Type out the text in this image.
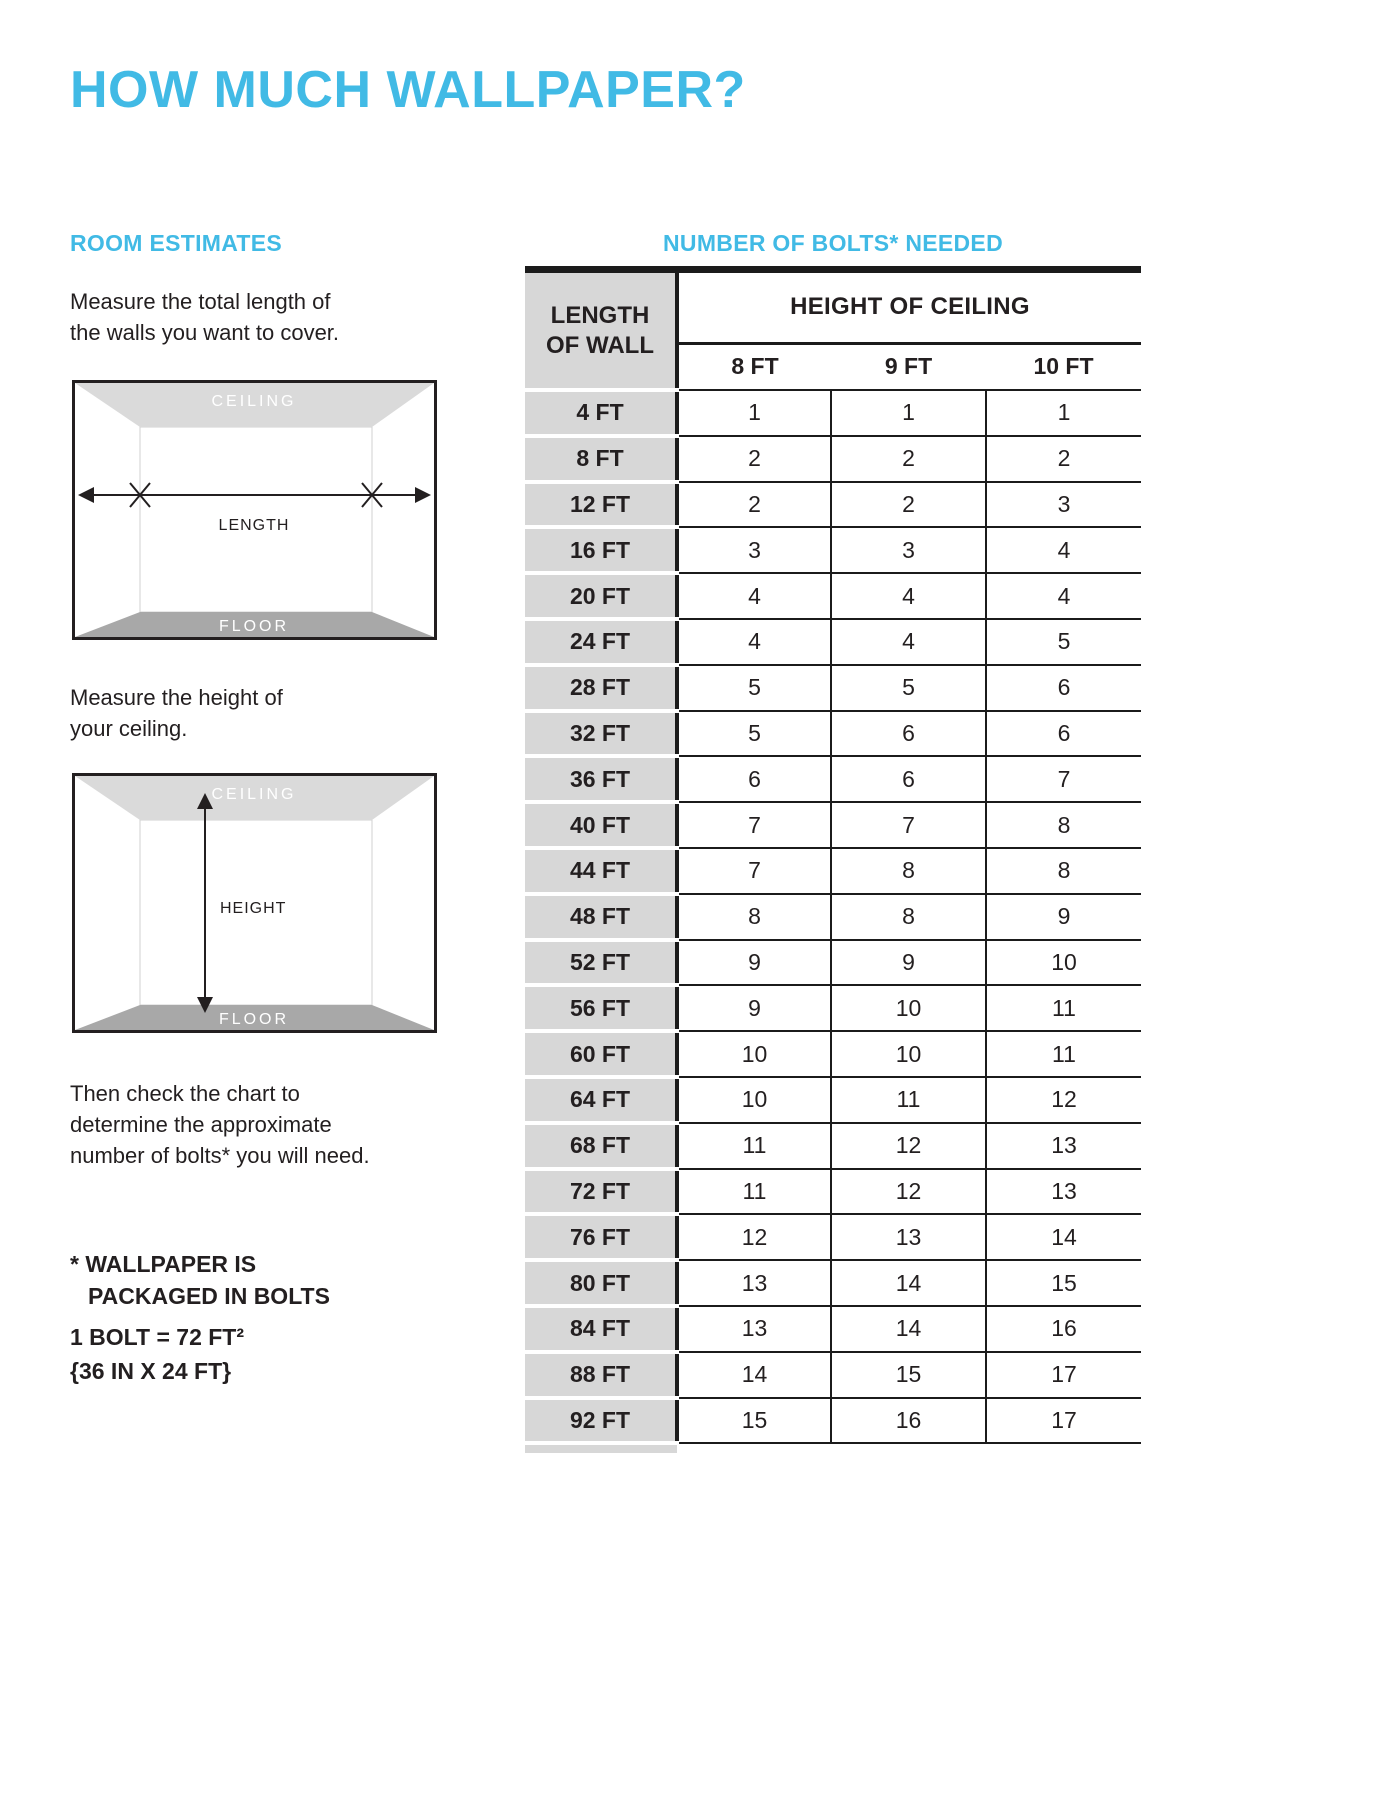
HOW MUCH WALLPAPER?
ROOM ESTIMATES	NUMBER OF BOLTS* NEEDED
Measure the total length of
the walls you want to cover.
CEILING
FLOOR
LENGTH
Measure the height of
your ceiling.
CEILING
FLOOR
HEIGHT
Then check the chart to
determine the approximate
number of bolts* you will need.
* WALLPAPER IS
PACKAGED IN BOLTS
1 BOLT = 72 FT²
{36 IN X 24 FT}
LENGTH
OF WALL	HEIGHT OF CEILING		
	8 FT	9 FT	10 FT
4 FT	1	1	1
8 FT	2	2	2
12 FT	2	2	3
16 FT	3	3	4
20 FT	4	4	4
24 FT	4	4	5
28 FT	5	5	6
32 FT	5	6	6
36 FT	6	6	7
40 FT	7	7	8
44 FT	7	8	8
48 FT	8	8	9
52 FT	9	9	10
56 FT	9	10	11
60 FT	10	10	11
64 FT	10	11	12
68 FT	11	12	13
72 FT	11	12	13
76 FT	12	13	14
80 FT	13	14	15
84 FT	13	14	16
88 FT	14	15	17
92 FT	15	16	17
